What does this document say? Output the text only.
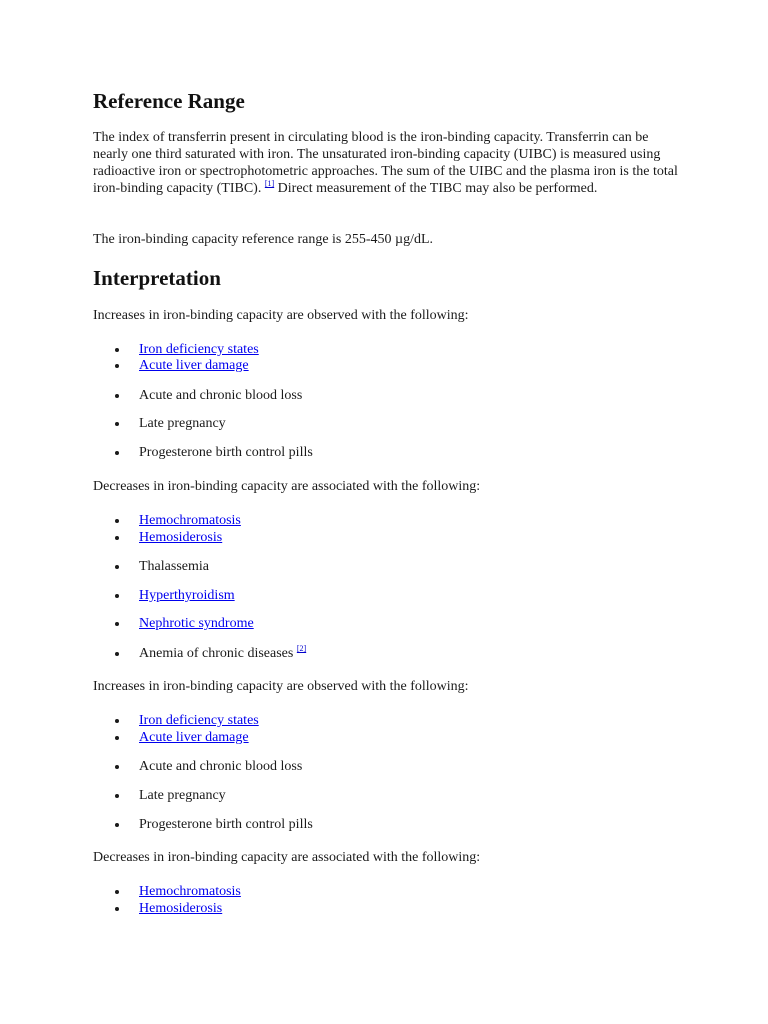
Reference Range

The index of transferrin present in circulating blood is the iron-binding capacity. Transferrin can be nearly one third saturated with iron. The unsaturated iron-binding capacity (UIBC) is measured using radioactive iron or spectrophotometric approaches. The sum of the UIBC and the plasma iron is the total iron-binding capacity (TIBC). [1] Direct measurement of the TIBC may also be performed.

The iron-binding capacity reference range is 255-450 µg/dL.

Interpretation

Increases in iron-binding capacity are observed with the following:

Iron deficiency states
Acute liver damage
Acute and chronic blood loss
Late pregnancy
Progesterone birth control pills

Decreases in iron-binding capacity are associated with the following:

Hemochromatosis
Hemosiderosis
Thalassemia
Hyperthyroidism
Nephrotic syndrome
Anemia of chronic diseases [2]

Increases in iron-binding capacity are observed with the following:

Iron deficiency states
Acute liver damage
Acute and chronic blood loss
Late pregnancy
Progesterone birth control pills

Decreases in iron-binding capacity are associated with the following:

Hemochromatosis
Hemosiderosis
